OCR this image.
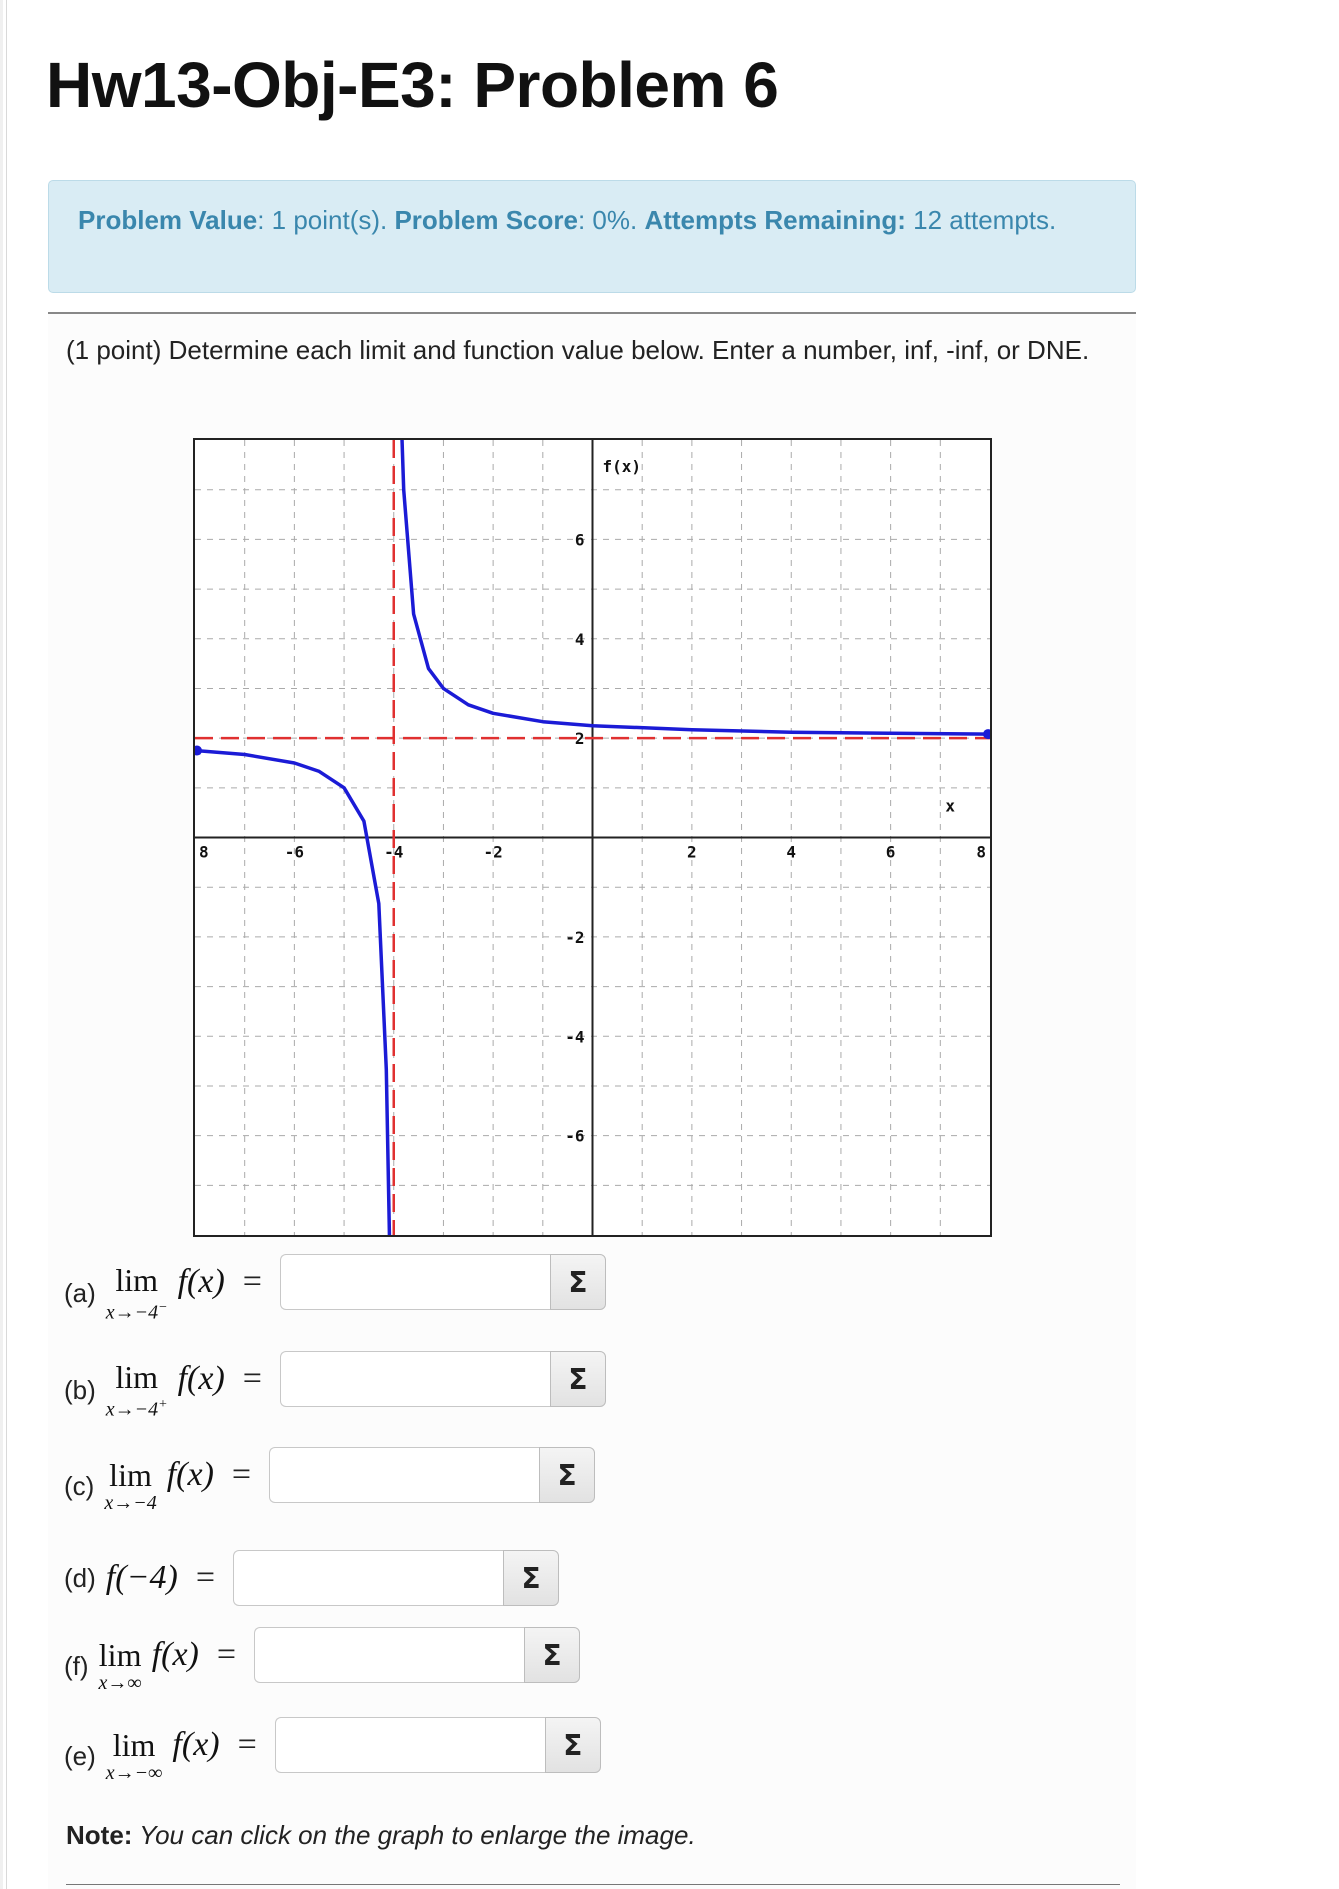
Hw13-Obj-E3: Problem 6
Problem Value: 1 point(s). Problem Score: 0%. Attempts Remaining: 12 attempts.
(1 point) Determine each limit and function value below. Enter a number, inf, -inf, or DNE.
-6	-4	-2	2	4	6
6
4
2
-2
-4
-6
8	8
f(x)
x
(a) lim
x→−4−
f(x) =	Σ
(b) lim
x→−4+
f(x) =	Σ
(c) lim
x→−4
f(x) =	Σ
(d) f(−4) =	Σ
(f) lim
x→∞
f(x) =	Σ
(e) lim
x→−∞
f(x) =	Σ
Note: You can click on the graph to enlarge the image.
